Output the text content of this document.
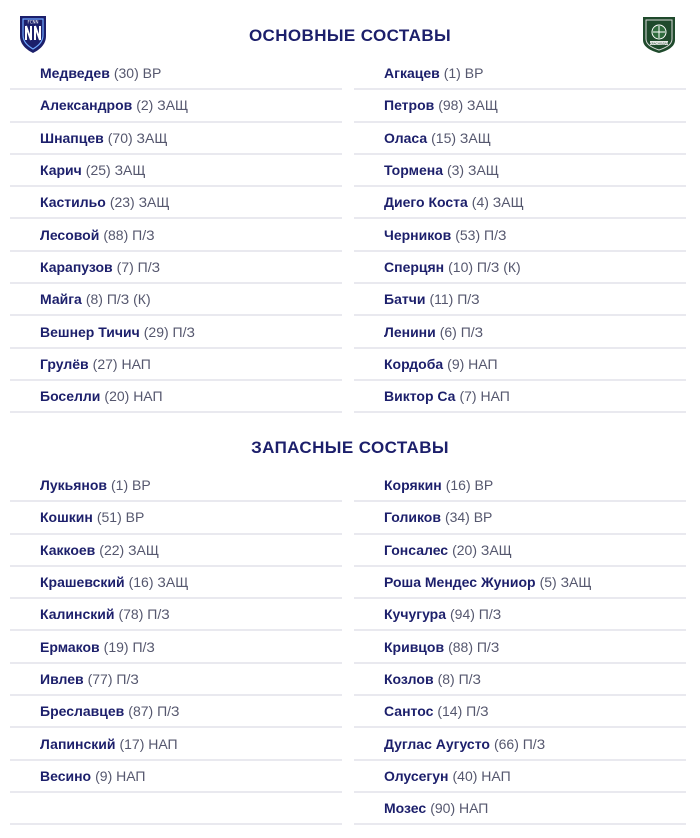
FCNN
КРАСНОДАР
ОСНОВНЫЕ СОСТАВЫ
Медведев (30) ВР
Александров (2) ЗАЩ
Шнапцев (70) ЗАЩ
Карич (25) ЗАЩ
Кастильо (23) ЗАЩ
Лесовой (88) П/З
Карапузов (7) П/З
Майга (8) П/З (К)
Вешнер Тичич (29) П/З
Грулёв (27) НАП
Боселли (20) НАП
Агкацев (1) ВР
Петров (98) ЗАЩ
Оласа (15) ЗАЩ
Тормена (3) ЗАЩ
Диего Коста (4) ЗАЩ
Черников (53) П/З
Сперцян (10) П/З (К)
Батчи (11) П/З
Ленини (6) П/З
Кордоба (9) НАП
Виктор Са (7) НАП
ЗАПАСНЫЕ СОСТАВЫ
Лукьянов (1) ВР
Кошкин (51) ВР
Каккоев (22) ЗАЩ
Крашевский (16) ЗАЩ
Калинский (78) П/З
Ермаков (19) П/З
Ивлев (77) П/З
Бреславцев (87) П/З
Лапинский (17) НАП
Весино (9) НАП
Корякин (16) ВР
Голиков (34) ВР
Гонсалес (20) ЗАЩ
Роша Мендес Жуниор (5) ЗАЩ
Кучугура (94) П/З
Кривцов (88) П/З
Козлов (8) П/З
Сантос (14) П/З
Дуглас Аугусто (66) П/З
Олусегун (40) НАП
Мозес (90) НАП
